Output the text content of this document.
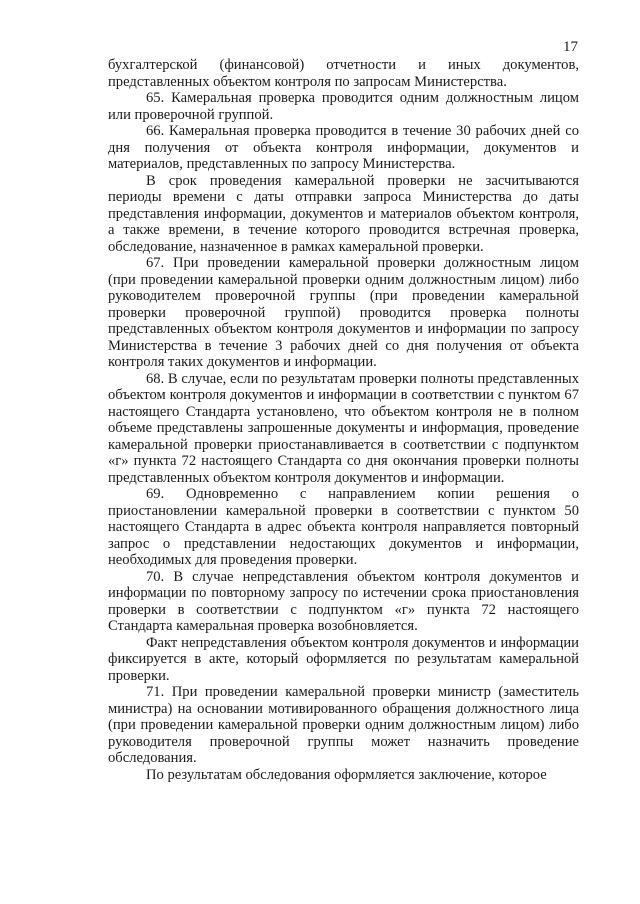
17

бухгалтерской (финансовой) отчетности и иных документов, представленных объектом контроля по запросам Министерства.

65. Камеральная проверка проводится одним должностным лицом или проверочной группой.

66. Камеральная проверка проводится в течение 30 рабочих дней со дня получения от объекта контроля информации, документов и материалов, представленных по запросу Министерства.

В срок проведения камеральной проверки не засчитываются периоды времени с даты отправки запроса Министерства до даты представления информации, документов и материалов объектом контроля, а также времени, в течение которого проводится встречная проверка, обследование, назначенное в рамках камеральной проверки.

67. При проведении камеральной проверки должностным лицом (при проведении камеральной проверки одним должностным лицом) либо руководителем проверочной группы (при проведении камеральной проверки проверочной группой) проводится проверка полноты представленных объектом контроля документов и информации по запросу Министерства в течение 3 рабочих дней со дня получения от объекта контроля таких документов и информации.

68. В случае, если по результатам проверки полноты представленных объектом контроля документов и информации в соответствии с пунктом 67 настоящего Стандарта установлено, что объектом контроля не в полном объеме представлены запрошенные документы и информация, проведение камеральной проверки приостанавливается в соответствии с подпунктом «г» пункта 72 настоящего Стандарта со дня окончания проверки полноты представленных объектом контроля документов и информации.

69. Одновременно с направлением копии решения о приостановлении камеральной проверки в соответствии с пунктом 50 настоящего Стандарта в адрес объекта контроля направляется повторный запрос о представлении недостающих документов и информации, необходимых для проведения проверки.

70. В случае непредставления объектом контроля документов и информации по повторному запросу по истечении срока приостановления проверки в соответствии с подпунктом «г» пункта 72 настоящего Стандарта камеральная проверка возобновляется.

Факт непредставления объектом контроля документов и информации фиксируется в акте, который оформляется по результатам камеральной проверки.

71. При проведении камеральной проверки министр (заместитель министра) на основании мотивированного обращения должностного лица (при проведении камеральной проверки одним должностным лицом) либо руководителя проверочной группы может назначить проведение обследования.

По результатам обследования оформляется заключение, которое
